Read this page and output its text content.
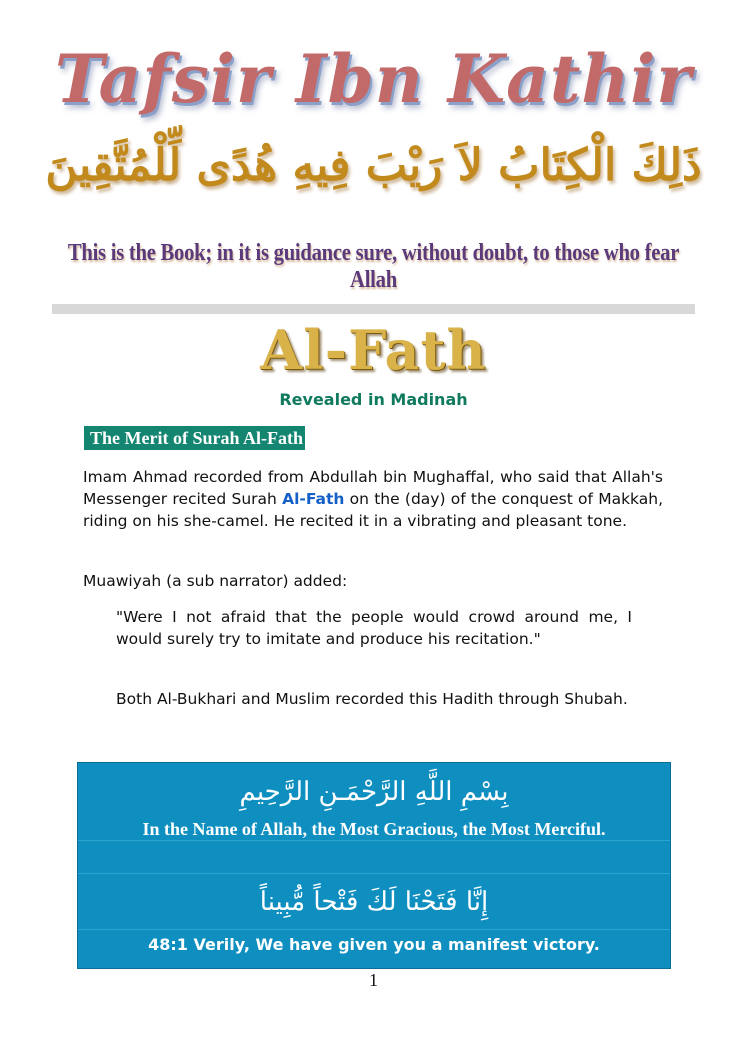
Tafsir Ibn Kathir
ذَلِكَ الْكِتَابُ لاَ رَيْبَ فِيهِ هُدًى لِّلْمُتَّقِينَ
This is the Book; in it is guidance sure, without doubt, to those who fear Allah
Al-Fath
Revealed in Madinah
The Merit of Surah Al-Fath
Imam Ahmad recorded from Abdullah bin Mughaffal, who said that Allah's Messenger recited Surah Al-Fath on the (day) of the conquest of Makkah, riding on his she-camel. He recited it in a vibrating and pleasant tone.
Muawiyah (a sub narrator) added:
"Were I not afraid that the people would crowd around me, I would surely try to imitate and produce his recitation."
Both Al-Bukhari and Muslim recorded this Hadith through Shubah.
بِسْمِ اللَّهِ الرَّحْمَـنِ الرَّحِيمِ
In the Name of Allah, the Most Gracious, the Most Merciful.
إِنَّا فَتَحْنَا لَكَ فَتْحاً مُّبِيناً
48:1 Verily, We have given you a manifest victory.
1
